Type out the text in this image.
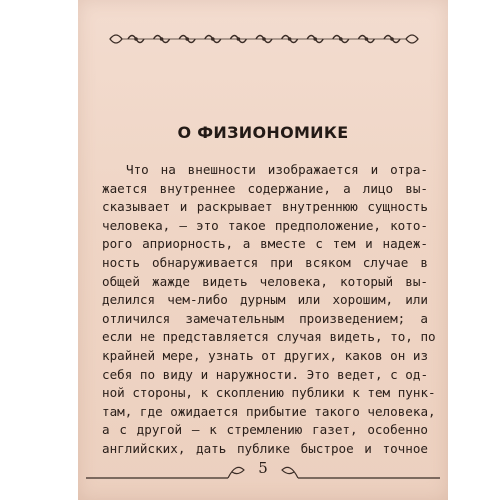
О ФИЗИОНОМИКЕ
Что на внешности изображается и отра-
жается внутреннее содержание, а лицо вы-
сказывает и раскрывает внутреннюю сущность
человека, — это такое предположение, кото-
рого априорность, а вместе с тем и надеж-
ность обнаруживается при всяком случае в
общей жажде видеть человека, который вы-
делился чем-либо дурным или хорошим, или
отличился замечательным произведением; а
если не представляется случая видеть, то, по
крайней мере, узнать от других, каков он из
себя по виду и наружности. Это ведет, с од-
ной стороны, к скоплению публики к тем пунк-
там, где ожидается прибытие такого человека,
а с другой — к стремлению газет, особенно
английских, дать публике быстрое и точное
5
